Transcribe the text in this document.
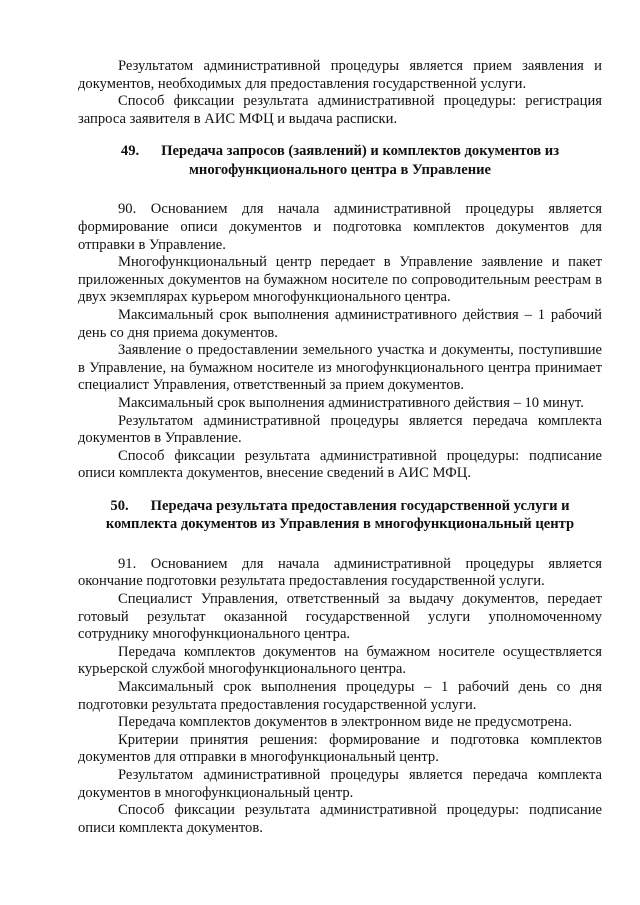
Результатом административной процедуры является прием заявления и документов, необходимых для предоставления государственной услуги.

Способ фиксации результата административной процедуры: регистрация запроса заявителя в АИС МФЦ и выдача расписки.

49. Передача запросов (заявлений) и комплектов документов из многофункционального центра в Управление

90. Основанием для начала административной процедуры является формирование описи документов и подготовка комплектов документов для отправки в Управление.

Многофункциональный центр передает в Управление заявление и пакет приложенных документов на бумажном носителе по сопроводительным реестрам в двух экземплярах курьером многофункционального центра.

Максимальный срок выполнения административного действия – 1 рабочий день со дня приема документов.

Заявление о предоставлении земельного участка и документы, поступившие в Управление, на бумажном носителе из многофункционального центра принимает специалист Управления, ответственный за прием документов.

Максимальный срок выполнения административного действия – 10 минут.

Результатом административной процедуры является передача комплекта документов в Управление.

Способ фиксации результата административной процедуры: подписание описи комплекта документов, внесение сведений в АИС МФЦ.

50. Передача результата предоставления государственной услуги и комплекта документов из Управления в многофункциональный центр

91. Основанием для начала административной процедуры является окончание подготовки результата предоставления государственной услуги.

Специалист Управления, ответственный за выдачу документов, передает готовый результат оказанной государственной услуги уполномоченному сотруднику многофункционального центра.

Передача комплектов документов на бумажном носителе осуществляется курьерской службой многофункционального центра.

Максимальный срок выполнения процедуры – 1 рабочий день со дня подготовки результата предоставления государственной услуги.

Передача комплектов документов в электронном виде не предусмотрена.

Критерии принятия решения: формирование и подготовка комплектов документов для отправки в многофункциональный центр.

Результатом административной процедуры является передача комплекта документов в многофункциональный центр.

Способ фиксации результата административной процедуры: подписание описи комплекта документов.
